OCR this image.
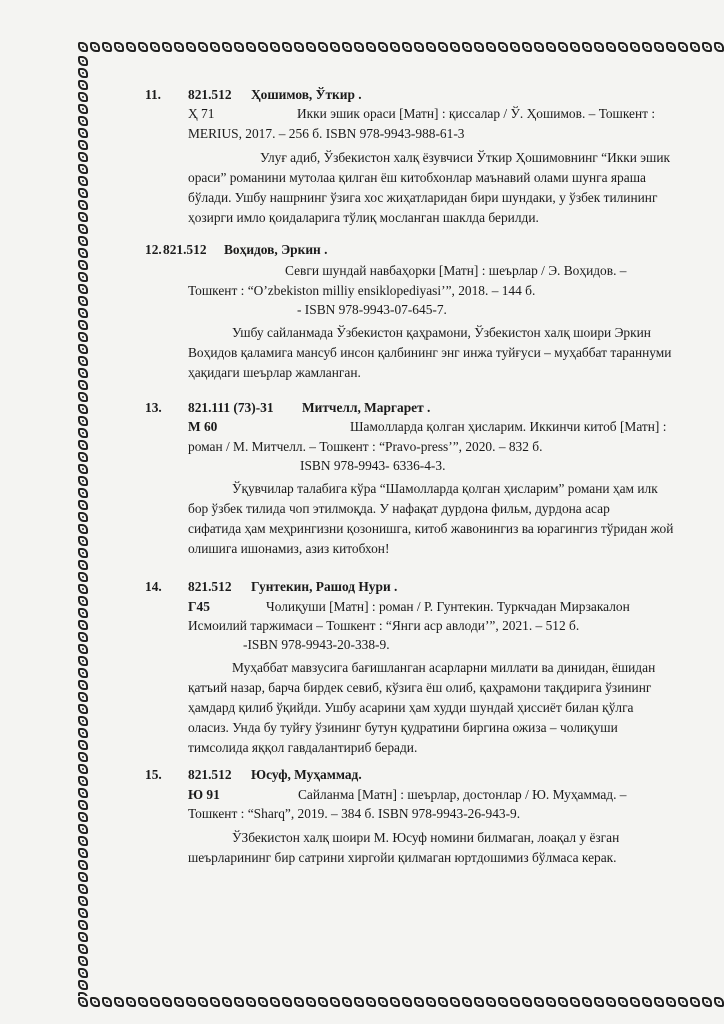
11. 821.512 Ҳошимов, Ўткир .
Ҳ 71	Икки эшик ораси [Матн] : қиссалар / Ў. Ҳошимов. – Тошкент :
MERIUS, 2017. – 256 б. ISBN 978-9943-988-61-3
Улуғ адиб, Ўзбекистон халқ ёзувчиси Ўткир Ҳошимовнинг “Икки эшик
ораси” романини мутолаа қилган ёш китобхонлар маънавий олами шунга яраша
бўлади. Ушбу нашрнинг ўзига хос жиҳатларидан бири шундаки, у ўзбек тилининг
ҳозирги имло қоидаларига тўлиқ мосланган шаклда берилди.
12. 821.512 Воҳидов, Эркин .
Севги шундай навбаҳорки [Матн] : шеърлар / Э. Воҳидов. –
Тошкент : “O’zbekiston milliy ensiklopediyasi’”, 2018. – 144 б.
- ISBN 978-9943-07-645-7.
Ушбу сайланмада Ўзбекистон қаҳрамони, Ўзбекистон халқ шоири Эркин
Воҳидов қаламига мансуб инсон қалбининг энг инжа туйғуси – муҳаббат тараннуми
ҳақидаги шеърлар жамланган.
13. 821.111 (73)-31 Митчелл, Маргарет .
М 60	Шамолларда қолган ҳисларим. Иккинчи китоб [Матн] :
роман / М. Митчелл. – Тошкент : “Pravo-press’”, 2020. – 832 б.
ISBN 978-9943- 6336-4-3.
Ўқувчилар талабига кўра “Шамолларда қолган ҳисларим” романи ҳам илк
бор ўзбек тилида чоп этилмоқда. У нафақат дурдона фильм, дурдона асар
сифатида ҳам меҳрингизни қозонишга, китоб жавонингиз ва юрагингиз тўридан жой
олишига ишонамиз, азиз китобхон!
14. 821.512 Гунтекин, Рашод Нури .
Г45	Чолиқуши [Матн] : роман / Р. Гунтекин. Туркчадан Мирзакалон
Исмоилий таржимаси – Тошкент : “Янги аср авлоди’”, 2021. – 512 б.
-ISBN 978-9943-20-338-9.
Муҳаббат мавзусига бағишланган асарларни миллати ва динидан, ёшидан
қатъий назар, барча бирдек севиб, кўзига ёш олиб, қаҳрамони тақдирига ўзининг
ҳамдард қилиб ўқийди. Ушбу асарини ҳам худди шундай ҳиссиёт билан қўлга
оласиз. Унда бу туйғу ўзининг бутун қудратини биргина ожиза – чолиқуши
тимсолида яққол гавдалантириб беради.
15. 821.512 Юсуф, Муҳаммад.
Ю 91	Сайланма [Матн] : шеърлар, достонлар / Ю. Муҳаммад. –
Тошкент : “Sharq”, 2019. – 384 б. ISBN 978-9943-26-943-9.
ЎЗбекистон халқ шоири М. Юсуф номини билмаган, лоақал у ёзган
шеърларининг бир сатрини хиргойи қилмаган юртдошимиз бўлмаса керак.
